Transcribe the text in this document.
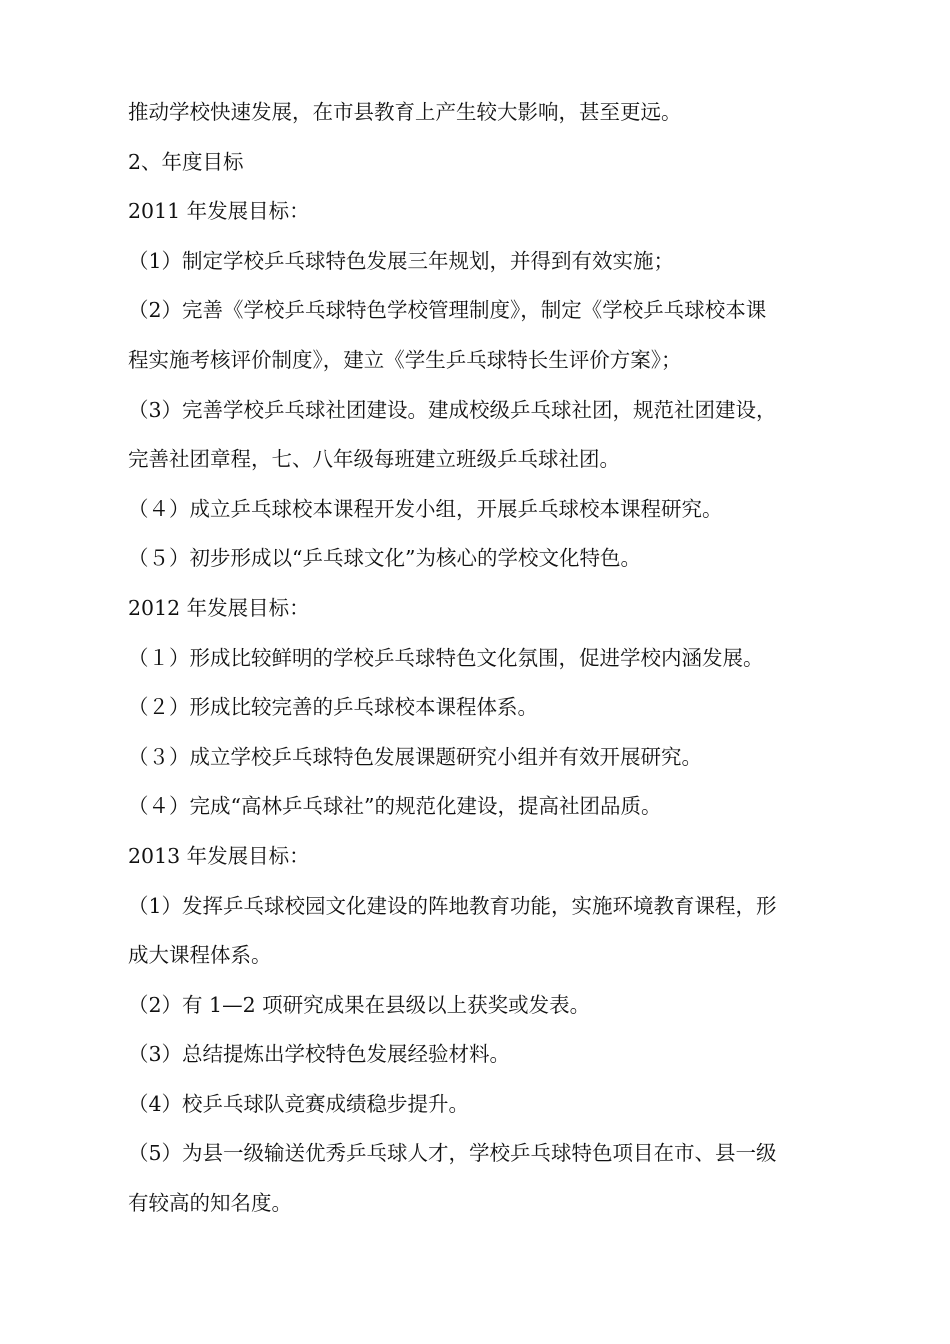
推动学校快速发展，在市县教育上产生较大影响，甚至更远。

2、年度目标

2011 年发展目标：

（1）制定学校乒乓球特色发展三年规划，并得到有效实施；

（2）完善《学校乒乓球特色学校管理制度》，制定《学校乒乓球校本课

程实施考核评价制度》，建立《学生乒乓球特长生评价方案》；

（3）完善学校乒乓球社团建设。建成校级乒乓球社团，规范社团建设，

完善社团章程，七、八年级每班建立班级乒乓球社团。

（４）成立乒乓球校本课程开发小组，开展乒乓球校本课程研究。

（５）初步形成以“乒乓球文化”为核心的学校文化特色。

2012 年发展目标：

（１）形成比较鲜明的学校乒乓球特色文化氛围，促进学校内涵发展。

（２）形成比较完善的乒乓球校本课程体系。

（３）成立学校乒乓球特色发展课题研究小组并有效开展研究。

（４）完成“高林乒乓球社”的规范化建设，提高社团品质。

2013 年发展目标：

（1）发挥乒乓球校园文化建设的阵地教育功能，实施环境教育课程，形

成大课程体系。

（2）有 1—2 项研究成果在县级以上获奖或发表。

（3）总结提炼出学校特色发展经验材料。

（4）校乒乓球队竞赛成绩稳步提升。

（5）为县一级输送优秀乒乓球人才，学校乒乓球特色项目在市、县一级

有较高的知名度。
